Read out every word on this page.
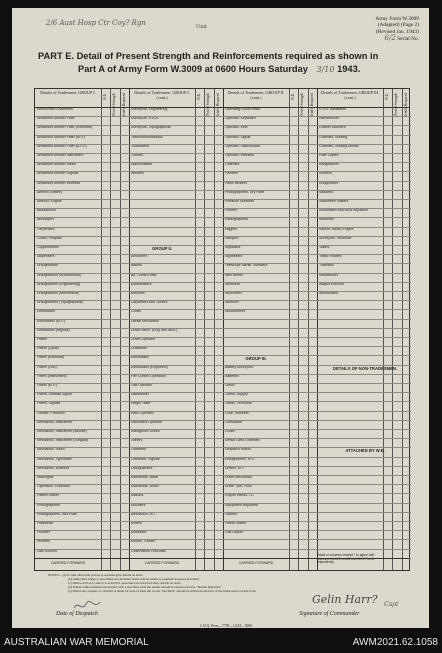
2/6 Aust Hosp Ctr Coy? Rgn	Unit
Army Form W.3009
(Adapted) (Page 2)
(Revised Jan. 1943)
6/2 Serial No.
PART E. Detail of Present Strength and Reinforcements required as shown in
Part A of Army Form W.3009 at 0600 Hours Saturday 3/10 1943.
Details of Tradesmen. GROUP I.
W.E. Posted Strength Reinfs. Required
Ammunition Examiners
Armament Artificer Fitter
Armament Artificer Fitter (Electrical)
Armament Artificer Fitter (M.V.)
Armament Artificer Fitter (A.F.V.)
Armament Artificer Instrument
Armament Artificer Radio
Armament Artificer Signals
Armament Artificer Wireless
Artificer, Artillery
Artificer, Engine
Blacksmiths
Bricklayers
Carpenters
Cooks, Hospital
Coppersmiths
Dispensers
Draughtsmen
Draughtsmen (Architectural)
Draughtsmen (Engineering)
Draughtsmen (Mechanical)
Draughtsmen (Topographical)
Electricians
Electricians (M.V.)
Electricians (Signals)
Fitters
Fitters (Cycle)
Fitters (Electrical)
Fitters (Gun)
Fitters (Instrument)
Fitters (M.V.)
Fitters, Railway Signal
Fitters, Signals
Grinder, Precision
Mechanics, Instrument
Mechanics, Instrument (Aircraft)
Mechanics, Instrument (Surgical)
Mechanics, Radio
Mechanics, Typewriter
Mechanics, Wireless
Millwrights
Operators, Excavator
Pattern Maker
Photographers
Photographers, Wet Plate
Platewriter
Plumber
Riveters
Saw Doctors
CARRIED FORWARD
Details of Tradesmen. GROUP I. (cont.)	W.E. Posted Strength Reinfs. Required
Surveyors, Engineering
Surveyors, R.A.A.
Surveyors, Topographical
Telecommunications
Toolmakers
Turners
Watchmakers
Welders
GROUP II.
Armourers
Bakers
Blt. Comd's Asst.
Boilermakers
Butchers
Carpenters and Joiners
Cooks
Dental Mechanics
Driver-Mech. (Eng. and Mcd.)
Driver-Operator
Draftsmen
Electricians
Electricians (Engineers)
Fire Control Operators
Gas Operator
Hairdresser
Height Taker
Helio Operator
Instrument Operator
Intelligence Duties
Joiners
Linesmen
Linesmen, Signals
Lithographers
Machinists, Metal
Machinists, Wood
Masons
Moulders
Mechanics, M.T.
Miners
Modellers
Motors, Trained
Observation Post Asst.
CARRIED FORWARD
Details of Tradesmen. GROUP II. (cont.)	W.E. Posted Strength Reinfs. Required
Operating Room Assts.
Operator, Keyboard
Operator, Kine
Operator, Signal
Operator, Switchboard
Operator, Wireless
Orderlies
Painters
Panel Beaters
Photographers, Dry Plate
Predictor Numbers
Printers
Radiographers
Riggers
Sawyers
Signallers
Signwriters
Telescope Identif. Numbers
Well Borers
Wheelers
Winchmen
Wiremen
Woodturners
GROUP III.
Battery Surveyors
Batteries
Clerks
Clerks, Supply
Clerks, Technical
Cook Trimmers
Coxswains
Cooks
Dental Clerk Orderlies
Despatch Riders
Draughtsmen, M.V.
Drivers, M.T.
Driver Mechanics
Driver Tpts. Fluid
Engine Hands, I.C.
Equipment Repairers
Farriers
Fitters' Mates
Gas Layers
CARRIED FORWARD
Details of Tradesmen. GROUP III. (cont.)	W.E. Posted Strength Reinfs. Required
G.P.O. Assistants
Hammermen
Leather Stitchers
Orderlies, Nursing
Orderlies, Nursing Mental
Plate Layers
Rangetakers
Riveters
Roughriders
Saddlers
Saddletree makers
Shoemaker and Boot Repairers
Storemen
Sailors, Naval, Engine
Surveyors, Technical
Tailors
Traffic Holders
Tinsmiths
Valuationers
Wagon Erectors
Whitesmiths
DETAILS OF NON-TRADESMEN.
ATTACHED BY W.E.
Totals of columns marked * to agree with columns 4 and 5, and 8 and 10 of Part A respectively.
·
·
·
NOTES.—(a) If rank other than private is required give details on back.
(b) Authorised trades or specialists not included in list will be added as required in spaces provided.
(c) Where A.W.A.S. and/or A.A.M.W.S. personnel are involved show details on back.
(d) Where reinforcements are desired with a specified trade the details should be shown on back, "Details Required".
(e) Where any request or criticism is made on back of form the words "See Back" should be written in the face of the blank space on this form.
Date of Despatch
Gelin Harr? Capt
Signature of Commander
L.H.Q. Press—7795—12/43—5000.
AUSTRALIAN WAR MEMORIAL	AWM2021.62.1058
